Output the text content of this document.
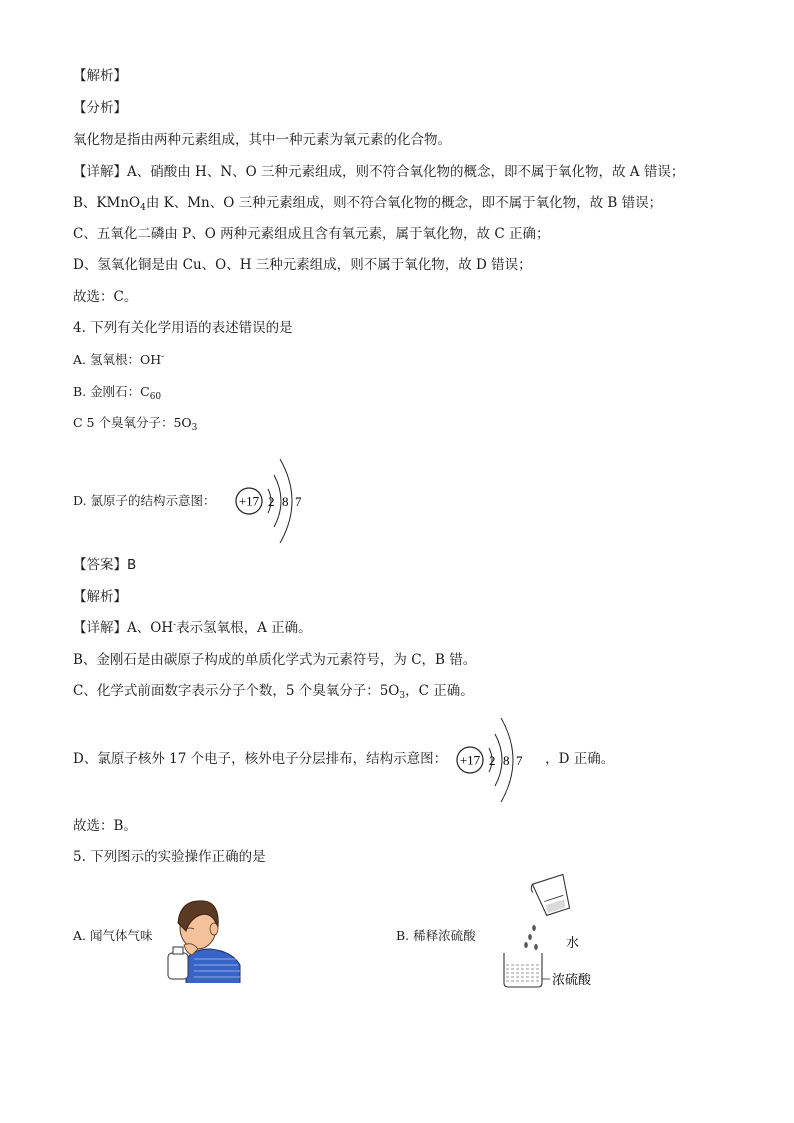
【解析】
【分析】
氧化物是指由两种元素组成，其中一种元素为氧元素的化合物。
【详解】A、硝酸由 H、N、O 三种元素组成，则不符合氧化物的概念，即不属于氧化物，故 A 错误；
B、KMnO$_4$由 K、Mn、O 三种元素组成，则不符合氧化物的概念，即不属于氧化物，故 B 错误；
C、五氧化二磷由 P、O 两种元素组成且含有氧元素，属于氧化物，故 C 正确；
D、氢氧化铜是由 Cu、O、H 三种元素组成，则不属于氧化物，故 D 错误；
故选：C。
4. 下列有关化学用语的表述错误的是
A. 氢氧根：OH-
B. 金刚石：$C_{60}$
C 5 个臭氧分子：$5O_3$
D. 氯原子的结构示意图： +17 2 8 7
【答案】B
【解析】
【详解】A、OH-表示氢氧根，A 正确。
B、金刚石是由碳原子构成的单质化学式为元素符号，为 C，B 错。
C、化学式前面数字表示分子个数，5 个臭氧分子：$5O_3$，C 正确。
D、氯原子核外 17 个电子，核外电子分层排布，结构示意图：	，D 正确。
+17 2 8 7
故选：B。
5. 下列图示的实验操作正确的是
A. 闻气体气味	B. 稀释浓硫酸
水
浓硫酸
